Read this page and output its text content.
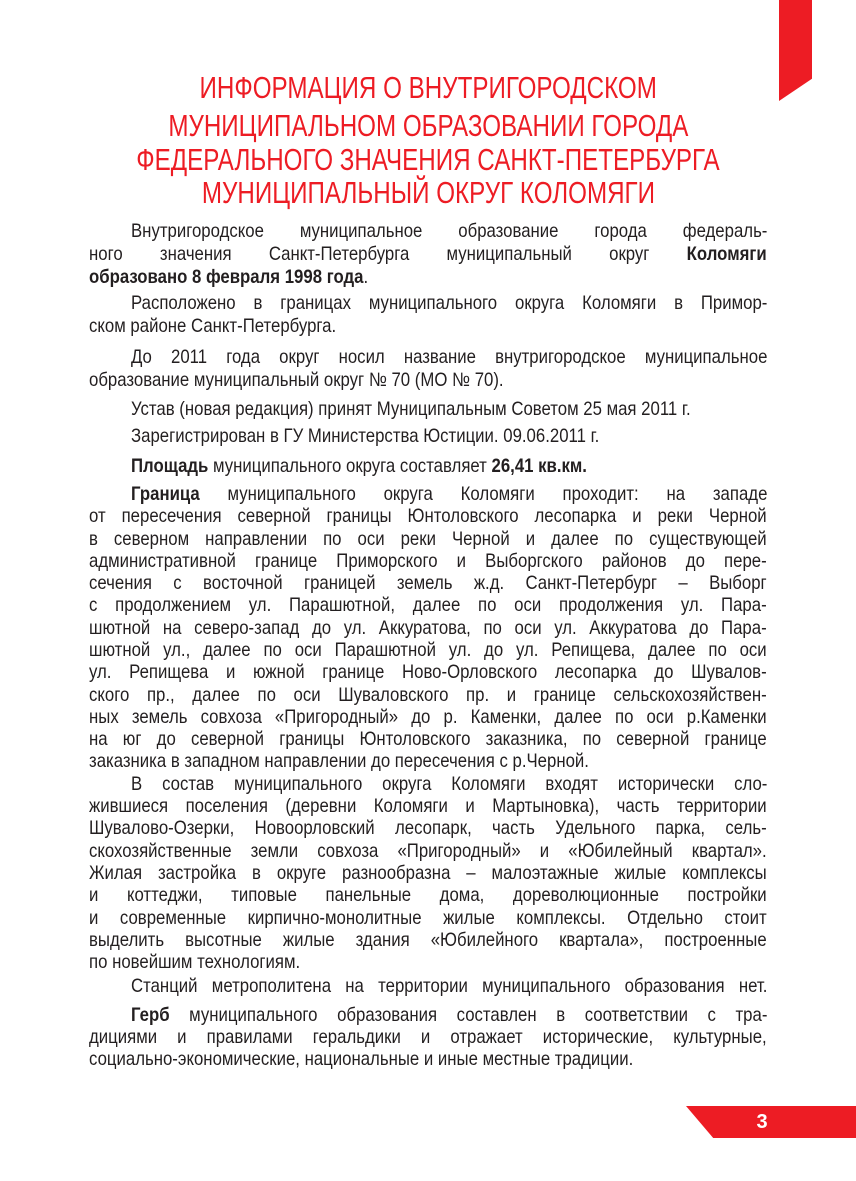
ИНФОРМАЦИЯ О ВНУТРИГОРОДСКОМ
МУНИЦИПАЛЬНОМ ОБРАЗОВАНИИ ГОРОДА
ФЕДЕРАЛЬНОГО ЗНАЧЕНИЯ САНКТ-ПЕТЕРБУРГА
МУНИЦИПАЛЬНЫЙ ОКРУГ КОЛОМЯГИ
Внутригородское муниципальное образование города федераль-
ного значения Санкт-Петербурга муниципальный округ Коломяги
образовано 8 февраля 1998 года.
Расположено в границах муниципального округа Коломяги в Примор-
ском районе Санкт-Петербурга.
До 2011 года округ носил название внутригородское муниципальное
образование муниципальный округ № 70 (МО № 70).
Устав (новая редакция) принят Муниципальным Советом 25 мая 2011 г.
Зарегистрирован в ГУ Министерства Юстиции. 09.06.2011 г.
Площадь муниципального округа составляет 26,41 кв.км.
Граница муниципального округа Коломяги проходит: на западе
от пересечения северной границы Юнтоловского лесопарка и реки Черной
в северном направлении по оси реки Черной и далее по существующей
административной границе Приморского и Выборгского районов до пере-
сечения с восточной границей земель ж.д. Санкт-Петербург – Выборг
с продолжением ул. Парашютной, далее по оси продолжения ул. Пара-
шютной на северо-запад до ул. Аккуратова, по оси ул. Аккуратова до Пара-
шютной ул., далее по оси Парашютной ул. до ул. Репищева, далее по оси
ул. Репищева и южной границе Ново-Орловского лесопарка до Шувалов-
ского пр., далее по оси Шуваловского пр. и границе сельскохозяйствен-
ных земель совхоза «Пригородный» до р. Каменки, далее по оси р.Каменки
на юг до северной границы Юнтоловского заказника, по северной границе
заказника в западном направлении до пересечения с р.Черной.
В состав муниципального округа Коломяги входят исторически сло-
жившиеся поселения (деревни Коломяги и Мартыновка), часть территории
Шувалово-Озерки, Новоорловский лесопарк, часть Удельного парка, сель-
скохозяйственные земли совхоза «Пригородный» и «Юбилейный квартал».
Жилая застройка в округе разнообразна – малоэтажные жилые комплексы
и коттеджи, типовые панельные дома, дореволюционные постройки
и современные кирпично-монолитные жилые комплексы. Отдельно стоит
выделить высотные жилые здания «Юбилейного квартала», построенные
по новейшим технологиям.
Станций метрополитена на территории муниципального образования нет.
Герб муниципального образования составлен в соответствии с тра-
дициями и правилами геральдики и отражает исторические, культурные,
социально-экономические, национальные и иные местные традиции.
3
